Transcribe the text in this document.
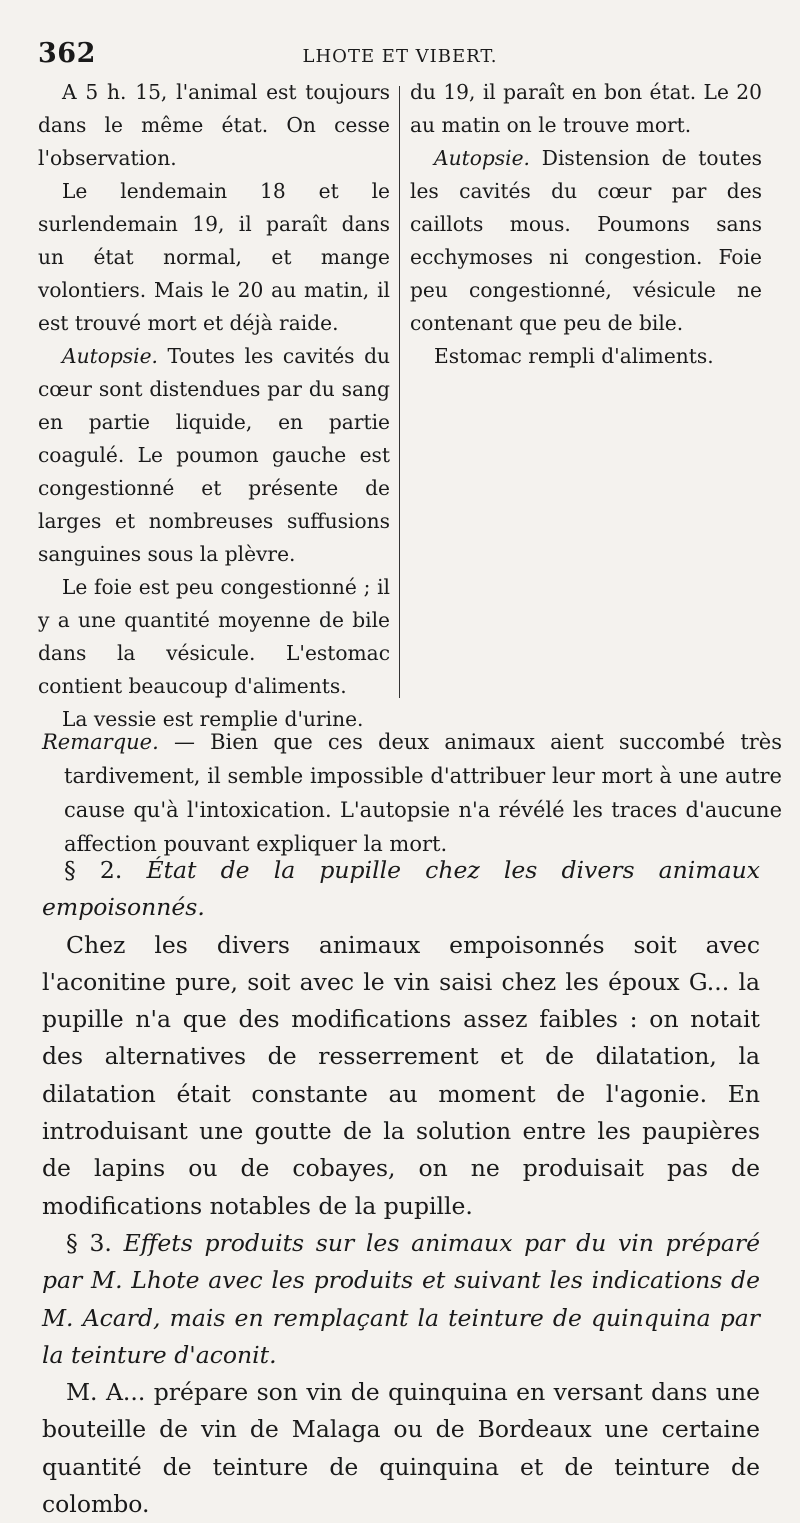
362	LHOTE ET VIBERT.

A 5 h. 15, l'animal est toujours dans le même état. On cesse l'observation.

Le lendemain 18 et le surlendemain 19, il paraît dans un état normal, et mange volontiers. Mais le 20 au matin, il est trouvé mort et déjà raide.

Autopsie. Toutes les cavités du cœur sont distendues par du sang en partie liquide, en partie coagulé. Le poumon gauche est congestionné et présente de larges et nombreuses suffusions sanguines sous la plèvre.

Le foie est peu congestionné ; il y a une quantité moyenne de bile dans la vésicule. L'estomac contient beaucoup d'aliments.

La vessie est remplie d'urine.

du 19, il paraît en bon état. Le 20 au matin on le trouve mort.

Autopsie. Distension de toutes les cavités du cœur par des caillots mous. Poumons sans ecchymoses ni congestion. Foie peu congestionné, vésicule ne contenant que peu de bile.

Estomac rempli d'aliments.

Remarque. — Bien que ces deux animaux aient succombé très tardivement, il semble impossible d'attribuer leur mort à une autre cause qu'à l'intoxication. L'autopsie n'a révélé les traces d'aucune affection pouvant expliquer la mort.

§ 2. État de la pupille chez les divers animaux empoisonnés.

Chez les divers animaux empoisonnés soit avec l'aconitine pure, soit avec le vin saisi chez les époux G... la pupille n'a que des modifications assez faibles : on notait des alternatives de resserrement et de dilatation, la dilatation était constante au moment de l'agonie. En introduisant une goutte de la solution entre les paupières de lapins ou de cobayes, on ne produisait pas de modifications notables de la pupille.

§ 3. Effets produits sur les animaux par du vin préparé par M. Lhote avec les produits et suivant les indications de M. Acard, mais en remplaçant la teinture de quinquina par la teinture d'aconit.

M. A... prépare son vin de quinquina en versant dans une bouteille de vin de Malaga ou de Bordeaux une certaine quantité de teinture de quinquina et de teinture de colombo.
